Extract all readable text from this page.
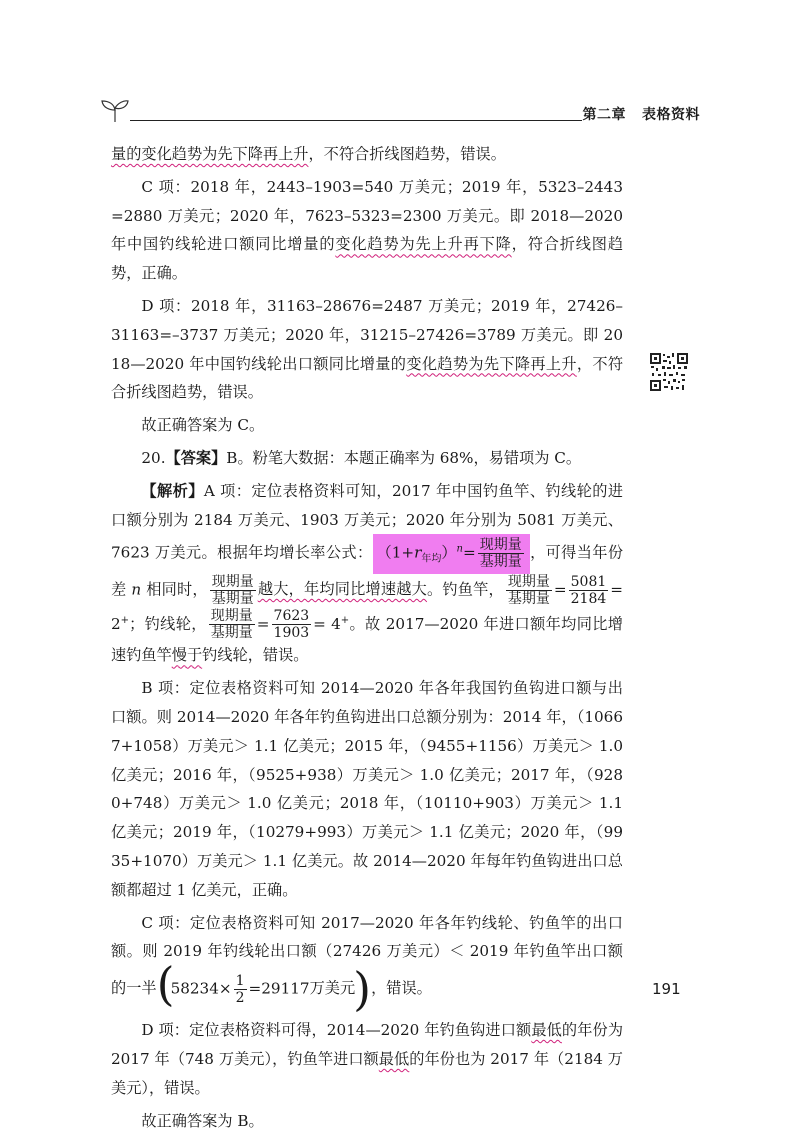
第二章 表格资料

量的变化趋势为先下降再上升，不符合折线图趋势，错误。

C 项：2018 年，2443–1903=540 万美元；2019 年，5323–2443=2880 万美元；2020 年，7623–5323=2300 万美元。即 2018—2020 年中国钓线轮进口额同比增量的变化趋势为先上升再下降，符合折线图趋势，正确。

D 项：2018 年，31163–28676=2487 万美元；2019 年，27426–31163=–3737 万美元；2020 年，31215–27426=3789 万美元。即 2018—2020 年中国钓线轮出口额同比增量的变化趋势为先下降再上升，不符合折线图趋势，错误。

故正确答案为 C。

20.【答案】B。粉笔大数据：本题正确率为 68%，易错项为 C。

【解析】A 项：定位表格资料可知，2017 年中国钓鱼竿、钓线轮的进口额分别为 2184 万美元、1903 万美元；2020 年分别为 5081 万美元、7623 万美元。根据年均增长率公式： $(1+r_{年均})^n= \frac{\text{现期量}}{\text{基期量}}$ ，可得当年份差 n 相同时， $\frac{\text{现期量}}{\text{基期量}}$ 越大，年均同比增速越大。钓鱼竿， $\frac{\text{现期量}}{\text{基期量}} = \frac{5081}{2184} = 2^+$；钓线轮， $\frac{\text{现期量}}{\text{基期量}} = \frac{7623}{1903} = 4^+$。故 2017—2020 年进口额年均同比增速钓鱼竿慢于钓线轮，错误。

B 项：定位表格资料可知 2014—2020 年各年我国钓鱼钩进口额与出口额。则 2014—2020 年各年钓鱼钩进出口总额分别为：2014 年，（10667+1058）万美元＞ 1.1 亿美元；2015 年，（9455+1156）万美元＞ 1.0 亿美元；2016 年，（9525+938）万美元＞ 1.0 亿美元；2017 年，（9280+748）万美元＞ 1.0 亿美元；2018 年，（10110+903）万美元＞ 1.1 亿美元；2019 年，（10279+993）万美元＞ 1.1 亿美元；2020 年，（9935+1070）万美元＞ 1.1 亿美元。故 2014—2020 年每年钓鱼钩进出口总额都超过 1 亿美元，正确。

C 项：定位表格资料可知 2017—2020 年各年钓线轮、钓鱼竿的出口额。则 2019 年钓线轮出口额（27426 万美元）＜ 2019 年钓鱼竿出口额的一半 (
$58234\times \frac{1}{2} =29117$万美元)，错误。

D 项：定位表格资料可得，2014—2020 年钓鱼钩进口额最低的年份为 2017 年（748 万美元），钓鱼竿进口额最低的年份也为 2017 年（2184 万美元），错误。

故正确答案为 B。

191
